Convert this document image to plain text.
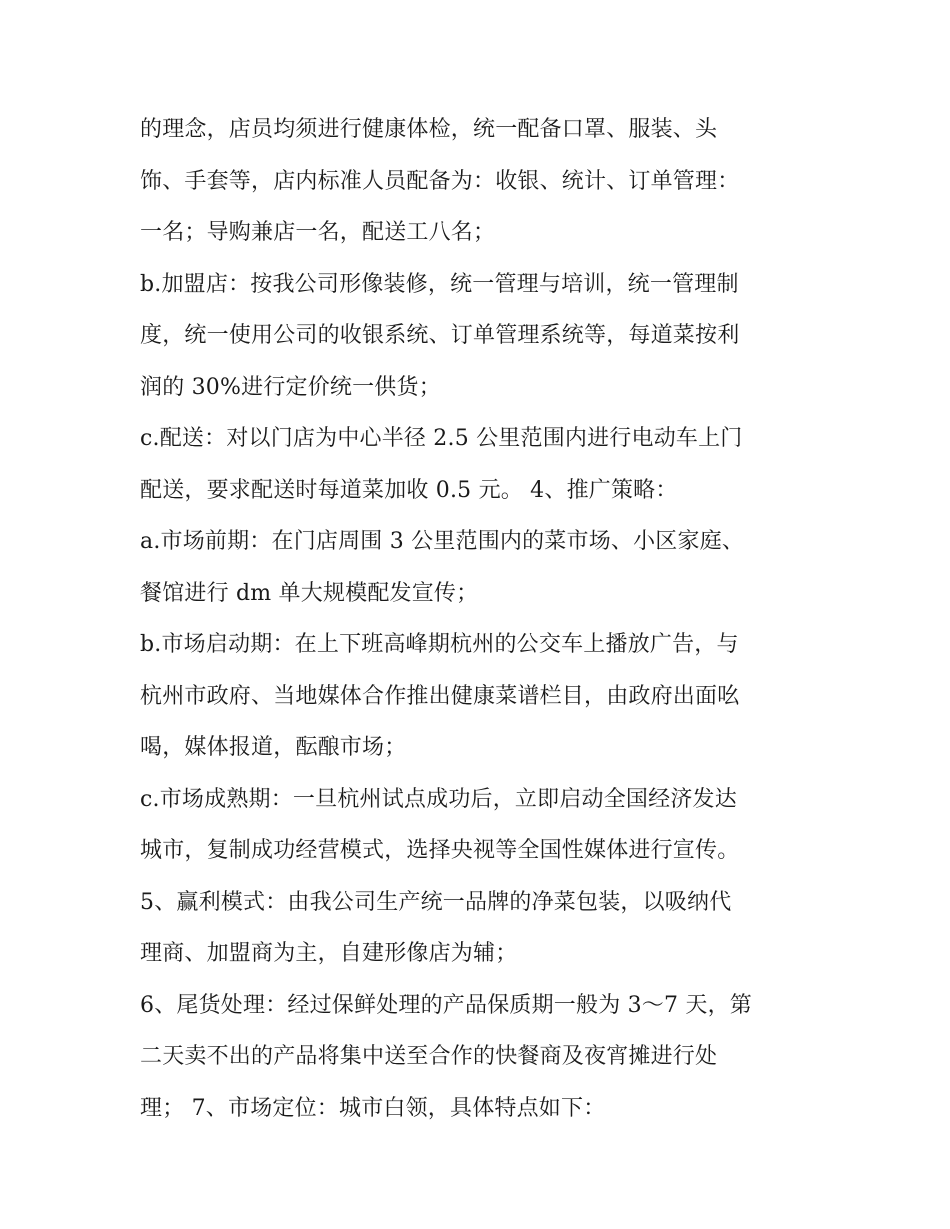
的理念，店员均须进行健康体检，统一配备口罩、服装、头
饰、手套等，店内标准人员配备为：收银、统计、订单管理：
一名；导购兼店一名，配送工八名；
b.加盟店：按我公司形像装修，统一管理与培训，统一管理制
度，统一使用公司的收银系统、订单管理系统等，每道菜按利
润的 30%进行定价统一供货；
c.配送：对以门店为中心半径 2.5 公里范围内进行电动车上门
配送，要求配送时每道菜加收 0.5 元。 4、推广策略：
a.市场前期：在门店周围 3 公里范围内的菜市场、小区家庭、
餐馆进行 dm 单大规模配发宣传；
b.市场启动期：在上下班高峰期杭州的公交车上播放广告，与
杭州市政府、当地媒体合作推出健康菜谱栏目，由政府出面吆
喝，媒体报道，酝酿市场；
c.市场成熟期：一旦杭州试点成功后，立即启动全国经济发达
城市，复制成功经营模式，选择央视等全国性媒体进行宣传。
5、赢利模式：由我公司生产统一品牌的净菜包装，以吸纳代
理商、加盟商为主，自建形像店为辅；
6、尾货处理：经过保鲜处理的产品保质期一般为 3～7 天，第
二天卖不出的产品将集中送至合作的快餐商及夜宵摊进行处
理； 7、市场定位：城市白领，具体特点如下：
